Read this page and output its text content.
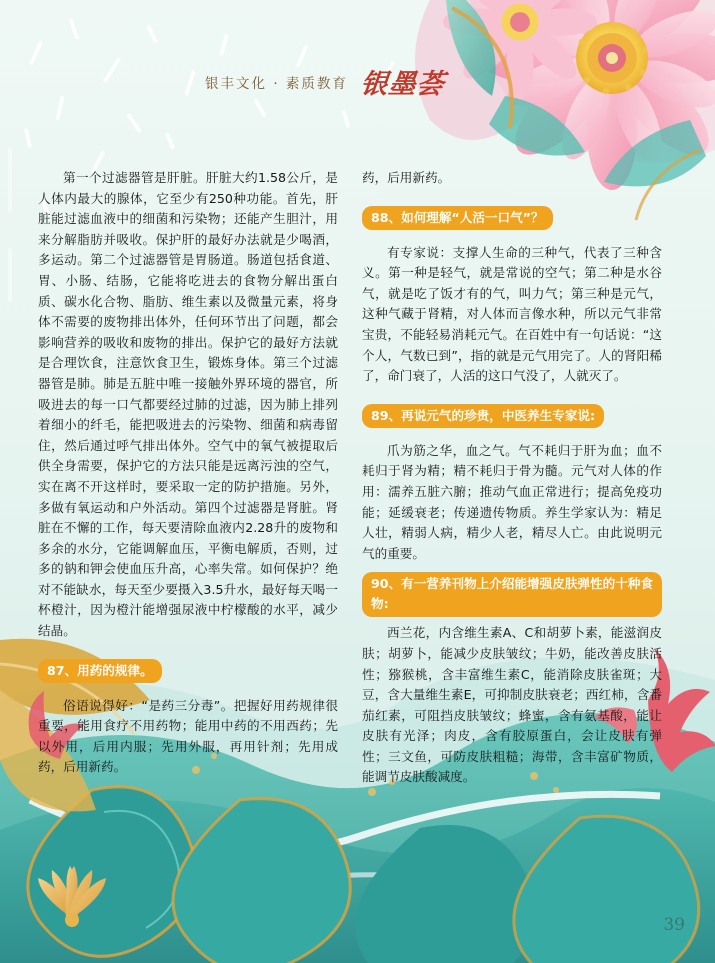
银丰文化 · 素质教育 银墨荟

第一个过滤器管是肝脏。肝脏大约1.58公斤，是人体内最大的腺体，它至少有250种功能。首先，肝脏能过滤血液中的细菌和污染物；还能产生胆汁，用来分解脂肪并吸收。保护肝的最好办法就是少喝酒，多运动。第二个过滤器管是胃肠道。肠道包括食道、胃、小肠、结肠，它能将吃进去的食物分解出蛋白质、碳水化合物、脂肪、维生素以及微量元素，将身体不需要的废物排出体外，任何环节出了问题，都会影响营养的吸收和废物的排出。保护它的最好方法就是合理饮食，注意饮食卫生，锻炼身体。第三个过滤器管是肺。肺是五脏中唯一接触外界环境的器官，所吸进去的每一口气都要经过肺的过滤，因为肺上排列着细小的纤毛，能把吸进去的污染物、细菌和病毒留住，然后通过呼气排出体外。空气中的氧气被提取后供全身需要，保护它的方法只能是远离污浊的空气，实在离不开这样时，要采取一定的防护措施。另外，多做有氧运动和户外活动。第四个过滤器是肾脏。肾脏在不懈的工作，每天要清除血液内2.28升的废物和多余的水分，它能调解血压，平衡电解质，否则，过多的钠和钾会使血压升高，心率失常。如何保护？绝对不能缺水，每天至少要摄入3.5升水，最好每天喝一杯橙汁，因为橙汁能增强尿液中柠檬酸的水平，减少结晶。

87、用药的规律。

俗语说得好：“是药三分毒”。把握好用药规律很重要，能用食疗不用药物；能用中药的不用西药；先以外用，后用内服；先用外服，再用针剂；先用成药，后用新药。

药，后用新药。

88、如何理解“人活一口气”？

有专家说：支撑人生命的三种气，代表了三种含义。第一种是轻气，就是常说的空气；第二种是水谷气，就是吃了饭才有的气，叫力气；第三种是元气，这种气藏于肾精，对人体而言像水种，所以元气非常宝贵，不能轻易消耗元气。在百姓中有一句话说：“这个人，气数已到”，指的就是元气用完了。人的肾阳稀了，命门衰了，人活的这口气没了，人就灭了。

89、再说元气的珍贵，中医养生专家说:

爪为筋之华，血之气。气不耗归于肝为血；血不耗归于肾为精；精不耗归于骨为髓。元气对人体的作用：濡养五脏六腑；推动气血正常进行；提高免疫功能；延缓衰老；传递遗传物质。养生学家认为：精足人壮，精弱人病，精少人老，精尽人亡。由此说明元气的重要。

90、有一营养刊物上介绍能增强皮肤弹性的十种食物:

西兰花，内含维生素A、C和胡萝卜素，能滋润皮肤；胡萝卜，能减少皮肤皱纹；牛奶，能改善皮肤活性；猕猴桃，含丰富维生素C，能消除皮肤雀斑；大豆，含大量维生素E，可抑制皮肤衰老；西红柿，含番茄红素，可阻挡皮肤皱纹；蜂蜜，含有氨基酸，能让皮肤有光泽；肉皮，含有胶原蛋白，会让皮肤有弹性；三文鱼，可防皮肤粗糙；海带，含丰富矿物质，能调节皮肤酸减度。

39
